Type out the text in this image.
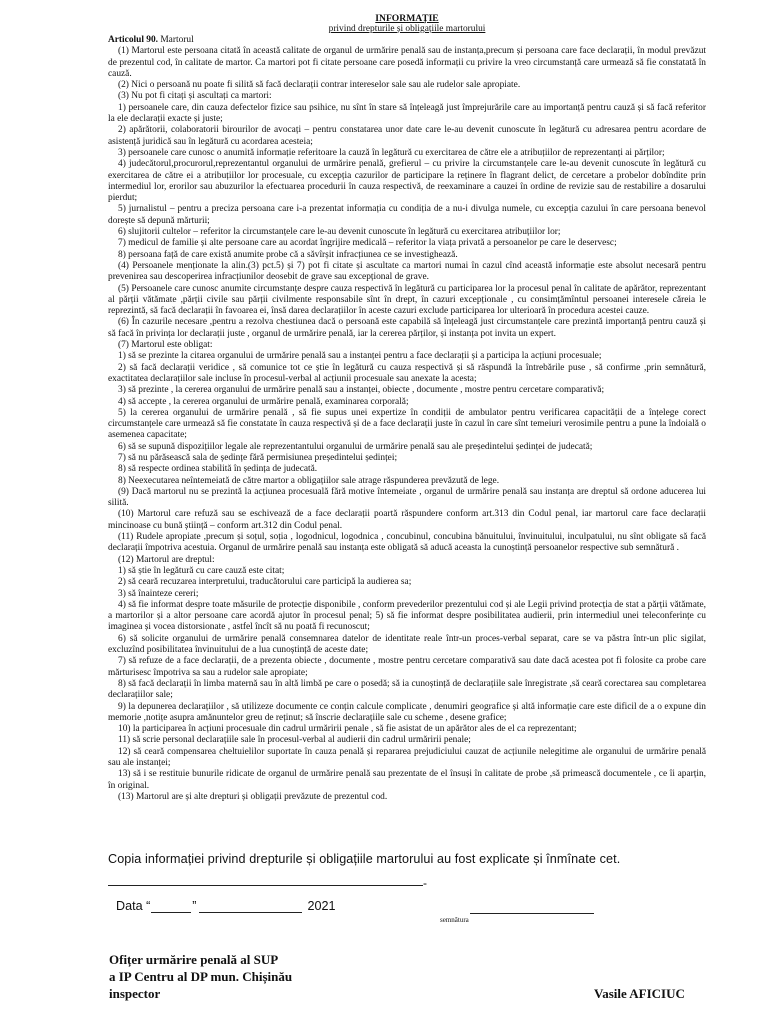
INFORMAȚIE
privind drepturile și obligațiile martorului

Articolul 90. Martorul

(1) Martorul este persoana citată în această calitate de organul de urmărire penală sau de instanța,precum și persoana care face declarații, în modul prevăzut de prezentul cod, în calitate de martor. Ca martori pot fi citate persoane care posedă informații cu privire la vreo circumstanță care urmează să fie constatată în cauză.

(2) Nici o persoană nu poate fi silită să facă declarații contrar intereselor sale sau ale rudelor sale apropiate.

(3) Nu pot fi citați și ascultați ca martori:

1) persoanele care, din cauza defectelor fizice sau psihice, nu sînt în stare să înțeleagă just împrejurările care au importanță pentru cauză și să facă referitor la ele declarații exacte și juste;

2) apărătorii, colaboratorii birourilor de avocați – pentru constatarea unor date care le-au devenit cunoscute în legătură cu adresarea pentru acordare de asistență juridică sau în legătură cu acordarea acesteia;

3) persoanele care cunosc o anumită informație referitoare la cauză în legătură cu exercitarea de către ele a atribuțiilor de reprezentanți ai părților;

4) judecătorul,procurorul,reprezentantul organului de urmărire penală, grefierul – cu privire la circumstanțele care le-au devenit cunoscute în legătură cu exercitarea de către ei a atribuțiilor lor procesuale, cu excepția cazurilor de participare la reținere în flagrant delict, de cercetare a probelor dobîndite prin intermediul lor, erorilor sau abuzurilor la efectuarea procedurii în cauza respectivă, de reexaminare a cauzei în ordine de revizie sau de restabilire a dosarului pierdut;

5) jurnalistul – pentru a preciza persoana care i-a prezentat informația cu condiția de a nu-i divulga numele, cu excepția cazului în care persoana benevol dorește să depună mărturii;

6) slujitorii cultelor – referitor la circumstanțele care le-au devenit cunoscute în legătură cu exercitarea atribuțiilor lor;

7) medicul de familie și alte persoane care au acordat îngrijire medicală – referitor la viața privată a persoanelor pe care le deservesc;

8) persoana față de care există anumite probe că a săvîrșit infracțiunea ce se investighează.

(4) Persoanele menționate la alin.(3) pct.5) și 7) pot fi citate și ascultate ca martori numai în cazul cînd această informație este absolut necesară pentru prevenirea sau descoperirea infracțiunilor deosebit de grave sau excepțional de grave.

(5) Persoanele care cunosc anumite circumstanțe despre cauza respectivă în legătură cu participarea lor la procesul penal în calitate de apărător, reprezentant al părții vătămate ,părții civile sau părții civilmente responsabile sînt în drept, în cazuri excepționale , cu consimțămîntul persoanei interesele căreia le reprezintă, să facă declarații în favoarea ei, însă darea declarațiilor în aceste cazuri exclude participarea lor ulterioară în procedura acestei cauze.

(6) În cazurile necesare ,pentru a rezolva chestiunea dacă o persoană este capabilă să înțeleagă just circumstanțele care prezintă importanță pentru cauză și să facă în privința lor declarații juste , organul de urmărire penală, iar la cererea părților, și instanța pot invita un expert.

(7) Martorul este obligat:

1) să se prezinte la citarea organului de urmărire penală sau a instanței pentru a face declarații și a participa la acțiuni procesuale;

2) să facă declarații veridice , să comunice tot ce știe în legătură cu cauza respectivă și să răspundă la întrebările puse , să confirme ,prin semnătură, exactitatea declarațiilor sale incluse în procesul-verbal al acțiunii procesuale sau anexate la acesta;

3) să prezinte , la cererea organului de urmărire penală sau a instanței, obiecte , documente , mostre pentru cercetare comparativă;

4) să accepte , la cererea organului de urmărire penală, examinarea corporală;

5) la cererea organului de urmărire penală , să fie supus unei expertize în condiții de ambulator pentru verificarea capacității de a înțelege corect circumstanțele care urmează să fie constatate în cauza respectivă și de a face declarații juste în cazul în care sînt temeiuri verosimile pentru a pune la îndoială o asemenea capacitate;

6) să se supună dispozițiilor legale ale reprezentantului organului de urmărire penală sau ale președintelui ședinței de judecată;

7) să nu părăsească sala de ședințe fără permisiunea președintelui ședinței;

8) să respecte ordinea stabilită în ședința de judecată.

8) Neexecutarea neîntemeiată de către martor a obligațiilor sale atrage răspunderea prevăzută de lege.

(9) Dacă martorul nu se prezintă la acțiunea procesuală fără motive întemeiate , organul de urmărire penală sau instanța are dreptul să ordone aducerea lui silită.

(10) Martorul care refuză sau se eschivează de a face declarații poartă răspundere conform art.313 din Codul penal, iar martorul care face declarații mincinoase cu bună știință – conform art.312 din Codul penal.

(11) Rudele apropiate ,precum și soțul, soția , logodnicul, logodnica , concubinul, concubina bănuitului, învinuitului, inculpatului, nu sînt obligate să facă declarații împotriva acestuia. Organul de urmărire penală sau instanța este obligată să aducă aceasta la cunoștință persoanelor respective sub semnătură .

(12) Martorul are dreptul:

1) să știe în legătură cu care cauză este citat;

2) să ceară recuzarea interpretului, traducătorului care participă la audierea sa;

3) să înainteze cereri;

4) să fie informat despre toate măsurile de protecție disponibile , conform prevederilor prezentului cod și ale Legii privind protecția de stat a părții vătămate, a martorilor și a altor persoane care acordă ajutor în procesul penal; 5) să fie informat despre posibilitatea audierii, prin intermediul unei teleconferințe cu imaginea și vocea distorsionate , astfel încît să nu poată fi recunoscut;

6) să solicite organului de urmărire penală consemnarea datelor de identitate reale într-un proces-verbal separat, care se va păstra într-un plic sigilat, excluzînd posibilitatea învinuitului de a lua cunoștință de aceste date;

7) să refuze de a face declarații, de a prezenta obiecte , documente , mostre pentru cercetare comparativă sau date dacă acestea pot fi folosite ca probe care mărturisesc împotriva sa sau a rudelor sale apropiate;

8) să facă declarații în limba maternă sau în altă limbă pe care o posedă; să ia cunoștință de declarațiile sale înregistrate ,să ceară corectarea sau completarea declarațiilor sale;

9) la depunerea declarațiilor , să utilizeze documente ce conțin calcule complicate , denumiri geografice și altă informație care este dificil de a o expune din memorie ,notițe asupra amănuntelor greu de reținut; să înscrie declarațiile sale cu scheme , desene grafice;

10) la participarea în acțiuni procesuale din cadrul urmăririi penale , să fie asistat de un apărător ales de el ca reprezentant;

11) să scrie personal declarațiile sale în procesul-verbal al audierii din cadrul urmăririi penale;

12) să ceară compensarea cheltuielilor suportate în cauza penală și repararea prejudiciului cauzat de acțiunile nelegitime ale organului de urmărire penală sau ale instanței;

13) să i se restituie bunurile ridicate de organul de urmărire penală sau prezentate de el însuși în calitate de probe ,să primească documentele , ce îi aparțin, în original.

(13) Martorul are și alte drepturi și obligații prevăzute de prezentul cod.

Copia informației privind drepturile și obligațiile martorului au fost explicate și înmînate cet.
-
Data “	”	2021
semnătura
Ofițer urmărire penală al SUP
a IP Centru al DP mun. Chișinău
inspector	Vasile AFICIUC
